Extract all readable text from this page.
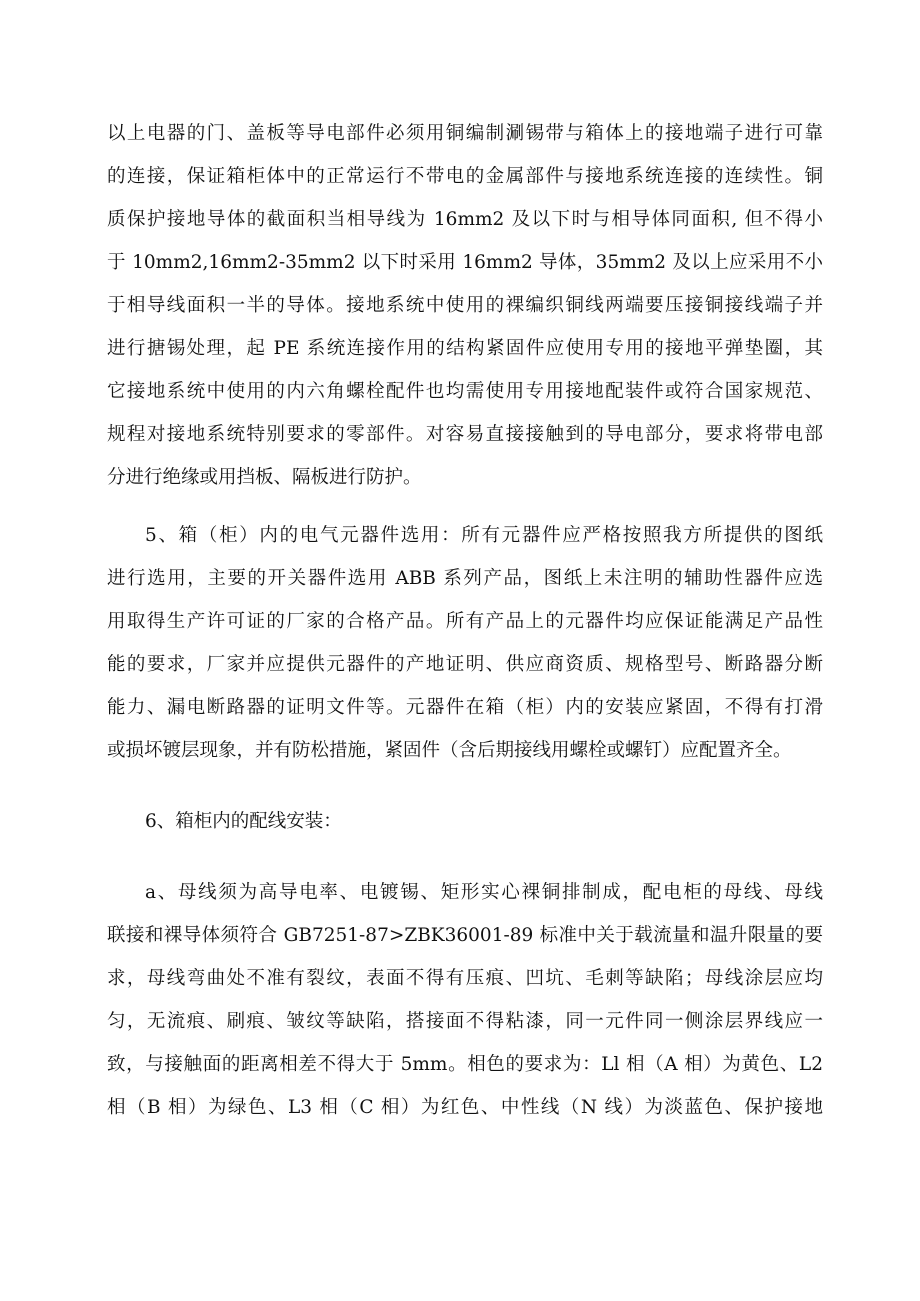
以上电器的门、盖板等导电部件必须用铜编制涮锡带与箱体上的接地端子进行可靠
的连接，保证箱柜体中的正常运行不带电的金属部件与接地系统连接的连续性。铜
质保护接地导体的截面积当相导线为 16mm2 及以下时与相导体同面积, 但不得小
于 10mm2,16mm2-35mm2 以下时采用 16mm2 导体，35mm2 及以上应采用不小
于相导线面积一半的导体。接地系统中使用的裸编织铜线两端要压接铜接线端子并
进行搪锡处理，起 PE 系统连接作用的结构紧固件应使用专用的接地平弹垫圈，其
它接地系统中使用的内六角螺栓配件也均需使用专用接地配装件或符合国家规范、
规程对接地系统特别要求的零部件。对容易直接接触到的导电部分，要求将带电部
分进行绝缘或用挡板、隔板进行防护。
5、箱（柜）内的电气元器件选用：所有元器件应严格按照我方所提供的图纸
进行选用，主要的开关器件选用 ABB 系列产品，图纸上未注明的辅助性器件应选
用取得生产许可证的厂家的合格产品。所有产品上的元器件均应保证能满足产品性
能的要求，厂家并应提供元器件的产地证明、供应商资质、规格型号、断路器分断
能力、漏电断路器的证明文件等。元器件在箱（柜）内的安装应紧固，不得有打滑
或损坏镀层现象，并有防松措施，紧固件（含后期接线用螺栓或螺钉）应配置齐全。
6、箱柜内的配线安装：
a、母线须为高导电率、电镀锡、矩形实心裸铜排制成，配电柜的母线、母线
联接和裸导体须符合 GB7251-87>ZBK36001-89 标准中关于载流量和温升限量的要
求，母线弯曲处不准有裂纹，表面不得有压痕、凹坑、毛刺等缺陷；母线涂层应均
匀，无流痕、刷痕、皱纹等缺陷，搭接面不得粘漆，同一元件同一侧涂层界线应一
致，与接触面的距离相差不得大于 5mm。相色的要求为：Ll 相（A 相）为黄色、L2
相（B 相）为绿色、L3 相（C 相）为红色、中性线（N 线）为淡蓝色、保护接地
